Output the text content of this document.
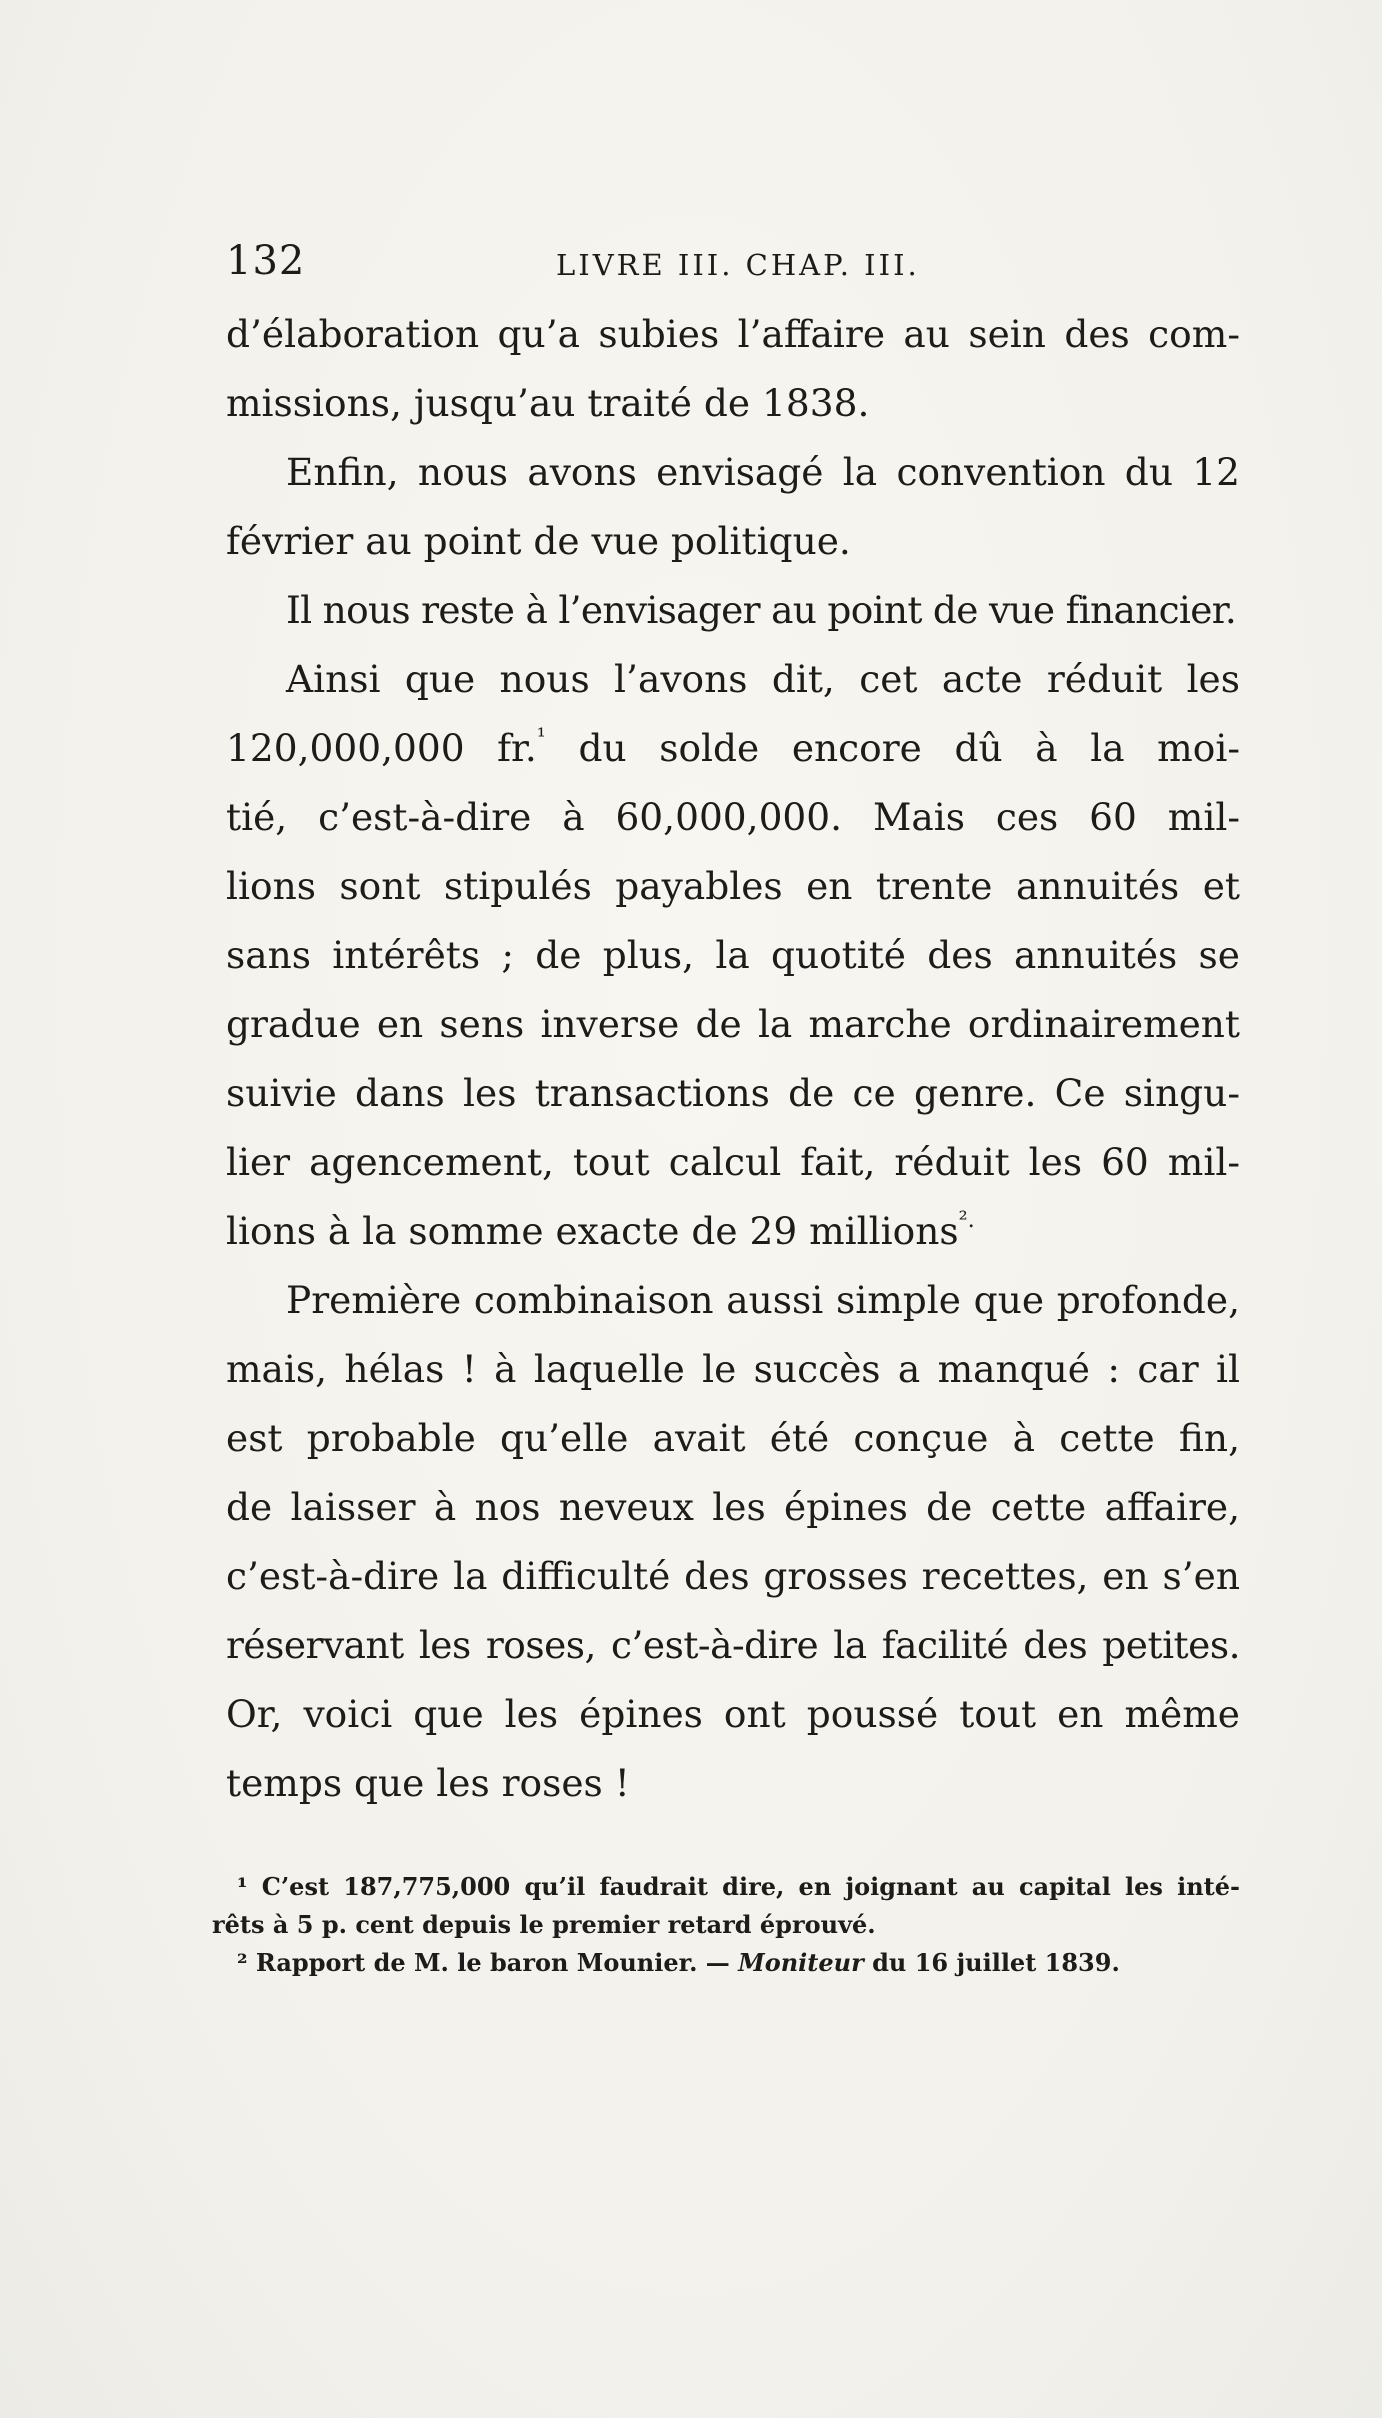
132	LIVRE III. CHAP. III.
d’élaboration qu’a subies l’affaire au sein des com-
missions, jusqu’au traité de 1838.
Enfin, nous avons envisagé la convention du 12
février au point de vue politique.
Il nous reste à l’envisager au point de vue financier.
Ainsi que nous l’avons dit, cet acte réduit les
120,000,000 fr.$^{^1}$ du solde encore dû à la moi-
tié, c’est-à-dire à 60,000,000. Mais ces 60 mil-
lions sont stipulés payables en trente annuités et
sans intérêts ; de plus, la quotité des annuités se
gradue en sens inverse de la marche ordinairement
suivie dans les transactions de ce genre. Ce singu-
lier agencement, tout calcul fait, réduit les 60 mil-
lions à la somme exacte de 29 millions$^{^2.}$
Première combinaison aussi simple que profonde,
mais, hélas ! à laquelle le succès a manqué : car il
est probable qu’elle avait été conçue à cette fin,
de laisser à nos neveux les épines de cette affaire,
c’est-à-dire la difficulté des grosses recettes, en s’en
réservant les roses, c’est-à-dire la facilité des petites.
Or, voici que les épines ont poussé tout en même
temps que les roses !
¹ C’est 187,775,000 qu’il faudrait dire, en joignant au capital les inté-
rêts à 5 p. cent depuis le premier retard éprouvé.
² Rapport de M. le baron Mounier. — Moniteur du 16 juillet 1839.
